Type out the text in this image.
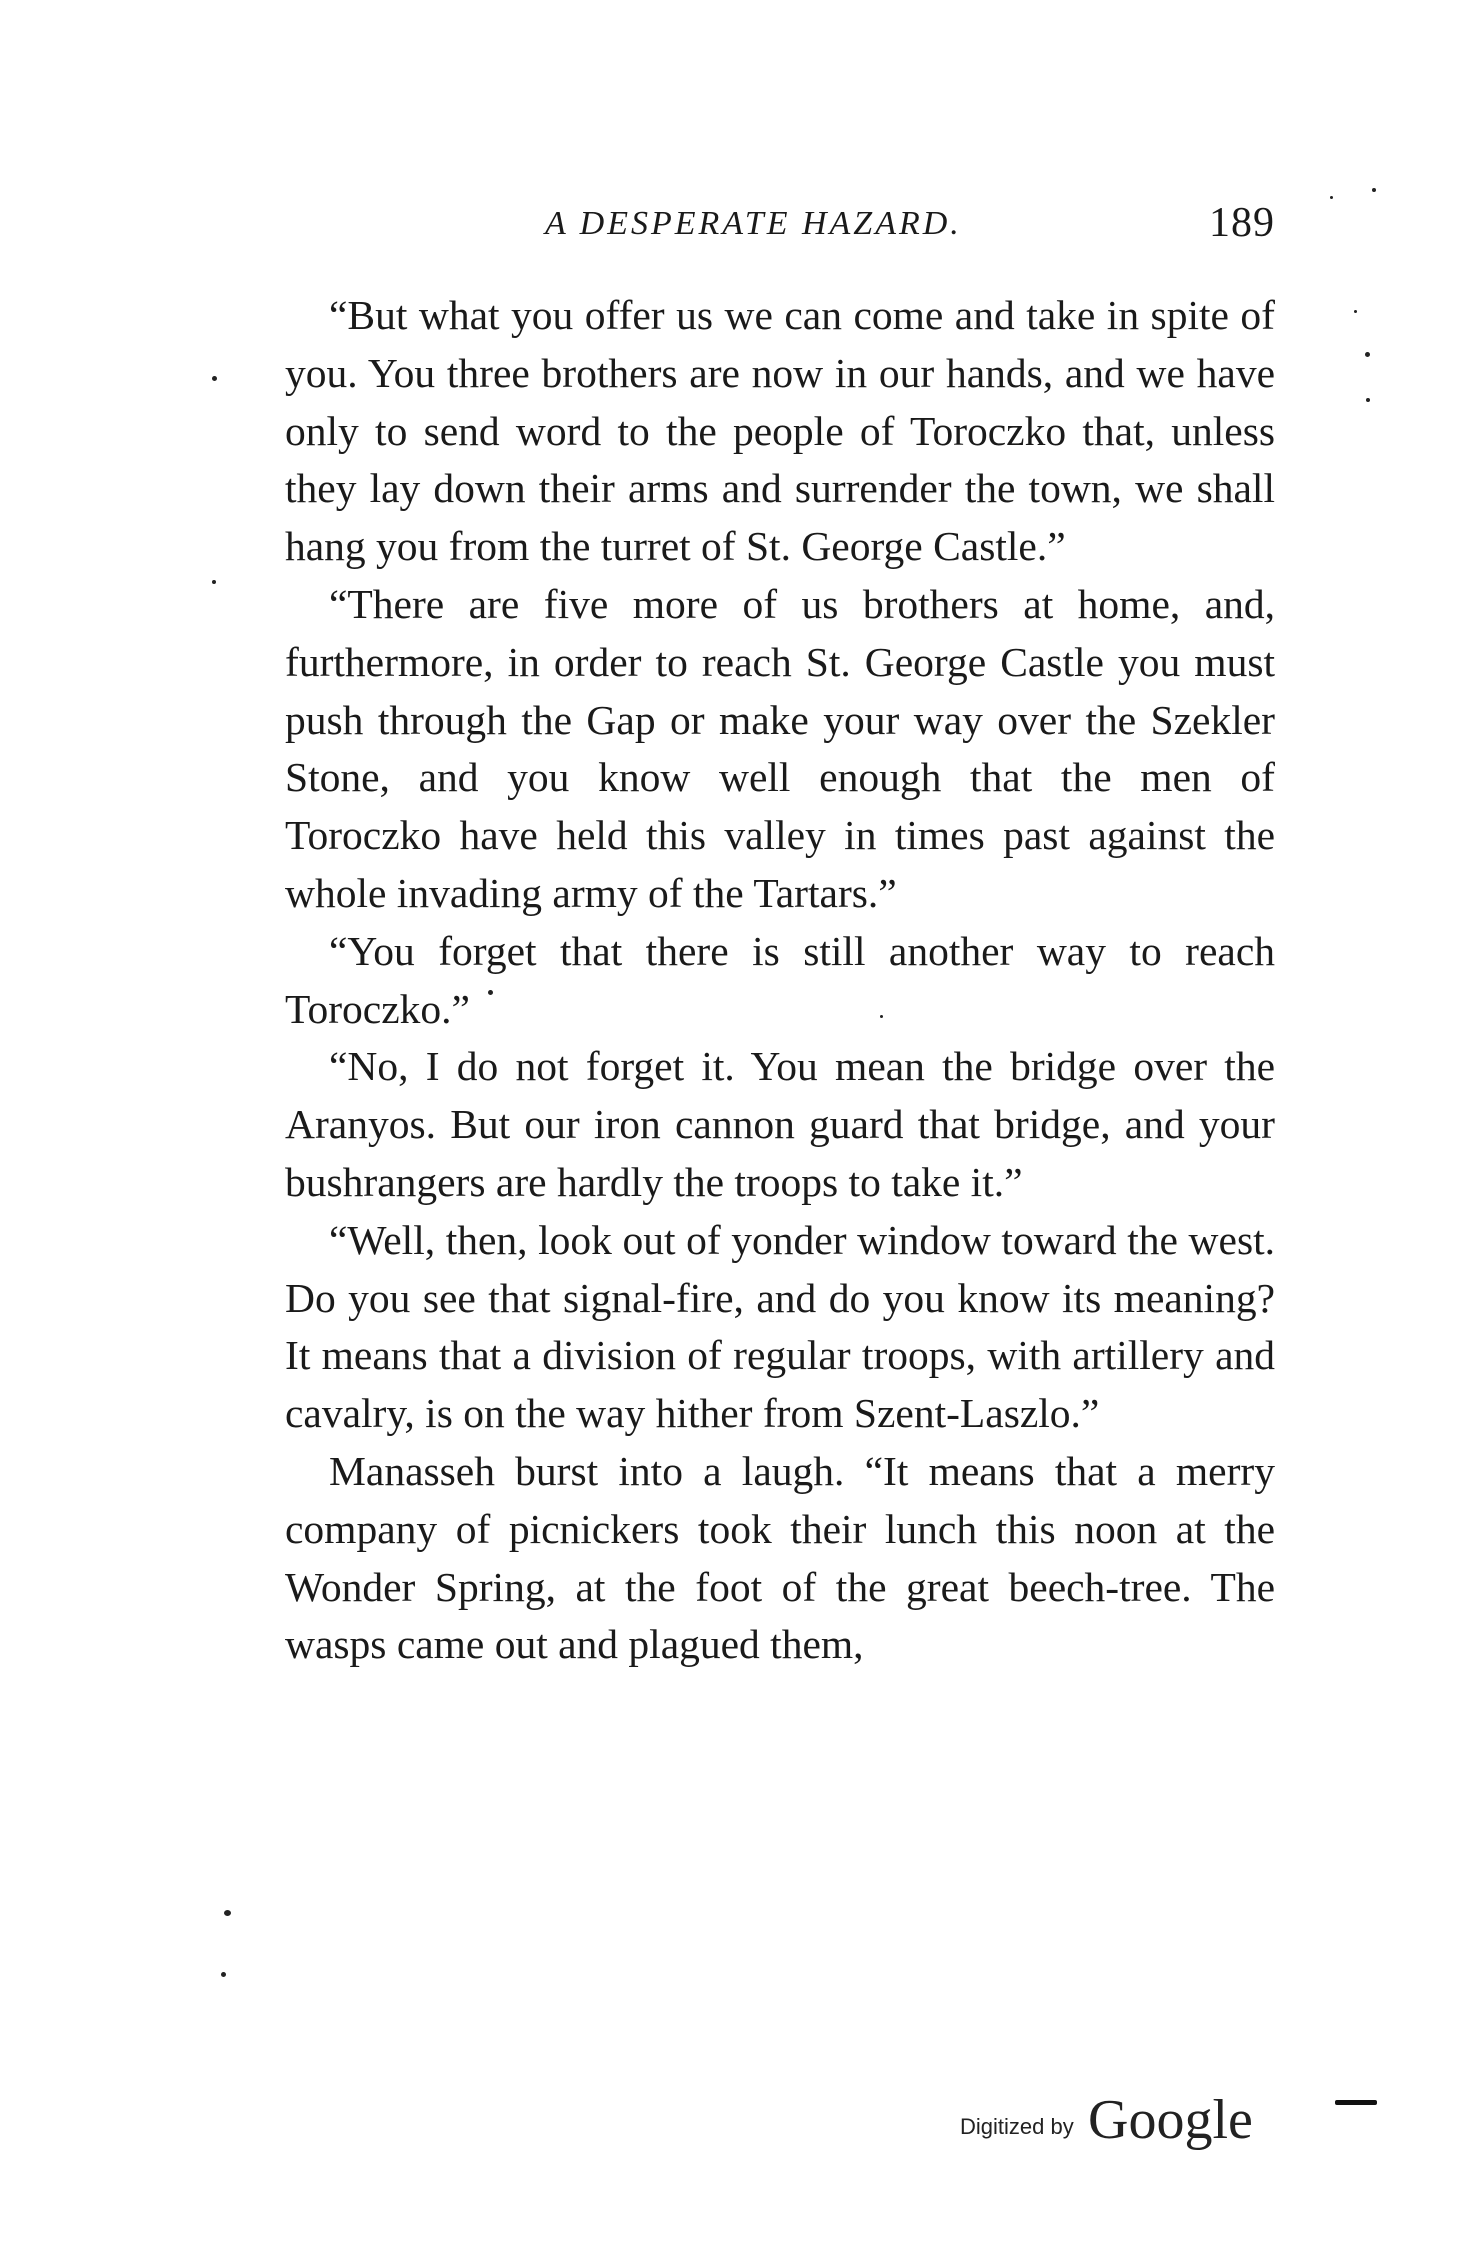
A DESPERATE HAZARD.	189

“But what you offer us we can come and take in spite of you. You three brothers are now in our hands, and we have only to send word to the people of Toroczko that, unless they lay down their arms and surrender the town, we shall hang you from the turret of St. George Castle.”

“There are five more of us brothers at home, and, furthermore, in order to reach St. George Castle you must push through the Gap or make your way over the Szekler Stone, and you know well enough that the men of Toroczko have held this valley in times past against the whole invading army of the Tartars.”

“You forget that there is still another way to reach Toroczko.”

“No, I do not forget it. You mean the bridge over the Aranyos. But our iron cannon guard that bridge, and your bushrangers are hardly the troops to take it.”

“Well, then, look out of yonder window toward the west. Do you see that signal-fire, and do you know its meaning? It means that a division of regular troops, with artillery and cavalry, is on the way hither from Szent-Laszlo.”

Manasseh burst into a laugh. “It means that a merry company of picnickers took their lunch this noon at the Wonder Spring, at the foot of the great beech-tree. The wasps came out and plagued them,

Digitized by Google
